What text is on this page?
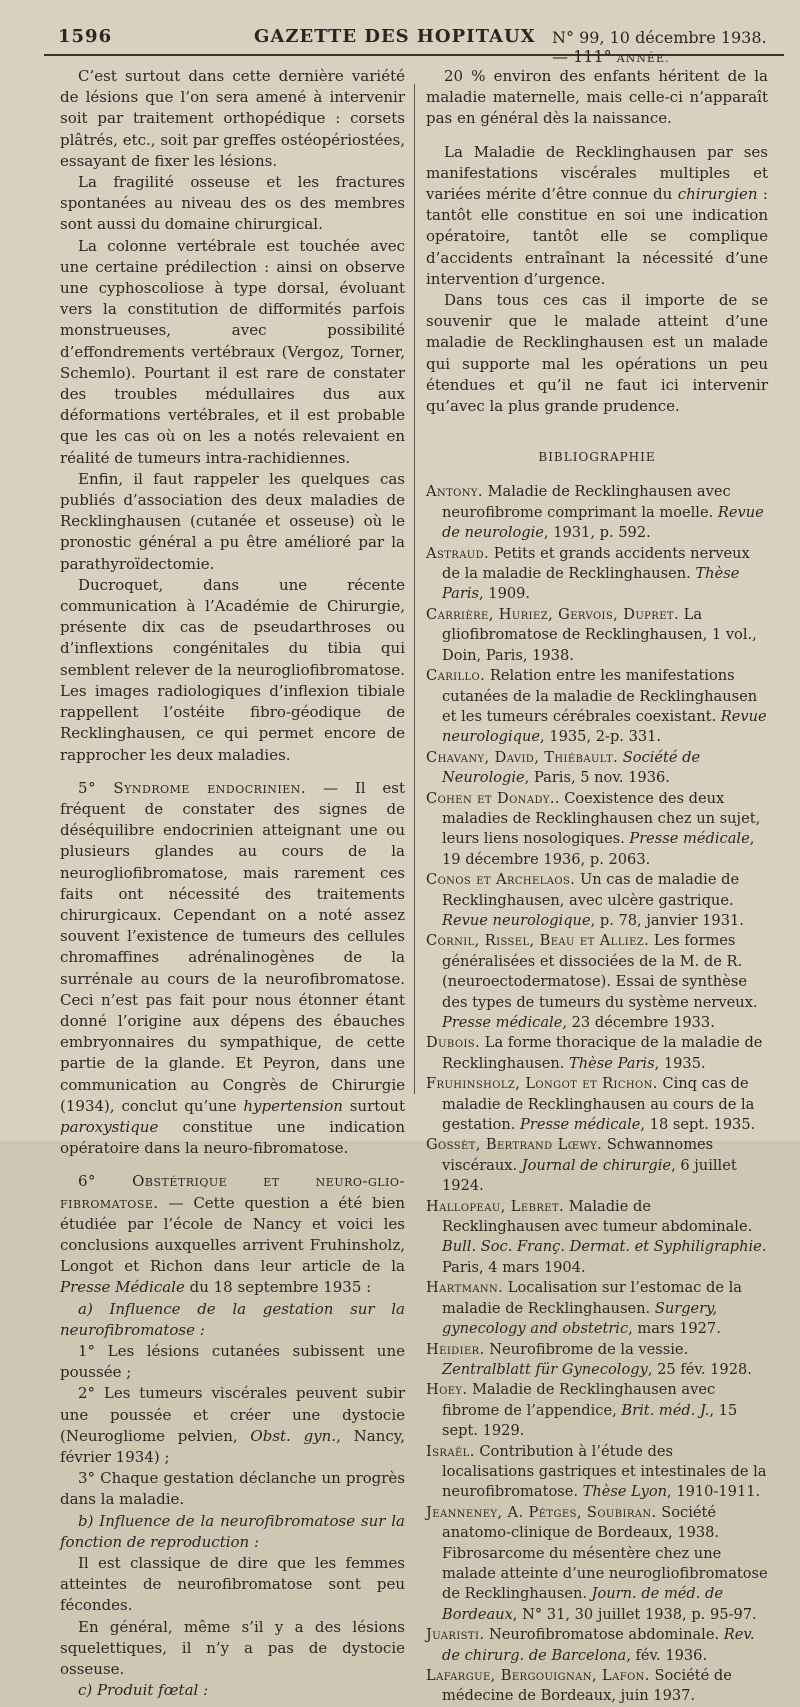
1596	GAZETTE DES HOPITAUX N° 99, 10 décembre 1938. — 111° ANNÉE.

C’est surtout dans cette dernière variété de lésions que l’on sera amené à intervenir soit par traitement orthopédique : corsets plâtrés, etc., soit par greffes ostéopériostées, essayant de fixer les lésions.

La fragilité osseuse et les fractures spontanées au niveau des os des membres sont aussi du domaine chirurgical.

La colonne vertébrale est touchée avec une certaine prédilection : ainsi on observe une cyphoscoliose à type dorsal, évoluant vers la constitution de difformités parfois monstrueuses, avec possibilité d’effondrements vertébraux (Vergoz, Torner, Schemlo). Pourtant il est rare de constater des troubles médullaires dus aux déformations vertébrales, et il est probable que les cas où on les a notés relevaient en réalité de tumeurs intra-rachidiennes.

Enfin, il faut rappeler les quelques cas publiés d’association des deux maladies de Recklinghausen (cutanée et osseuse) où le pronostic général a pu être amélioré par la parathyroïdectomie.

Ducroquet, dans une récente communication à l’Académie de Chirurgie, présente dix cas de pseudarthroses ou d’inflextions congénitales du tibia qui semblent relever de la neurogliofibromatose. Les images radiologiques d’inflexion tibiale rappellent l’ostéite fibro-géodique de Recklinghausen, ce qui permet encore de rapprocher les deux maladies.

5° Syndrome endocrinien. — Il est fréquent de constater des signes de déséquilibre endocrinien atteignant une ou plusieurs glandes au cours de la neurogliofibromatose, mais rarement ces faits ont nécessité des traitements chirurgicaux. Cependant on a noté assez souvent l’existence de tumeurs des cellules chromaffines adrénalinogènes de la surrénale au cours de la neurofibromatose. Ceci n’est pas fait pour nous étonner étant donné l’origine aux dépens des ébauches embryonnaires du sympathique, de cette partie de la glande. Et Peyron, dans une communication au Congrès de Chirurgie (1934), conclut qu’une hypertension surtout paroxystique constitue une indication opératoire dans la neuro-fibromatose.

6° Obstétrique et neuro-glio-fibromatose. — Cette question a été bien étudiée par l’école de Nancy et voici les conclusions auxquelles arrivent Fruhinsholz, Longot et Richon dans leur article de la Presse Médicale du 18 septembre 1935 :

a) Influence de la gestation sur la neurofibromatose :

1° Les lésions cutanées subissent une poussée ;

2° Les tumeurs viscérales peuvent subir une poussée et créer une dystocie (Neurogliome pelvien, Obst. gyn., Nancy, février 1934) ;

3° Chaque gestation déclanche un progrès dans la maladie.

b) Influence de la neurofibromatose sur la fonction de reproduction :

Il est classique de dire que les femmes atteintes de neurofibromatose sont peu fécondes.

En général, même s’il y a des lésions squelettiques, il n’y a pas de dystocie osseuse.

c) Produit fœtal :

20 % environ des enfants héritent de la maladie maternelle, mais celle-ci n’apparaît pas en général dès la naissance.

La Maladie de Recklinghausen par ses manifestations viscérales multiples et variées mérite d’être connue du chirurgien : tantôt elle constitue en soi une indication opératoire, tantôt elle se complique d’accidents entraînant la nécessité d’une intervention d’urgence.

Dans tous ces cas il importe de se souvenir que le malade atteint d’une maladie de Recklinghausen est un malade qui supporte mal les opérations un peu étendues et qu’il ne faut ici intervenir qu’avec la plus grande prudence.

BIBLIOGRAPHIE
Antony. Maladie de Recklinghausen avec neurofibrome comprimant la moelle. Revue de neurologie, 1931, p. 592.
Astraud. Petits et grands accidents nerveux de la maladie de Recklinghausen. Thèse Paris, 1909.
Carrière, Huriez, Gervois, Dupret. La gliofibromatose de Recklinghausen, 1 vol., Doin, Paris, 1938.
Carillo. Relation entre les manifestations cutanées de la maladie de Recklinghausen et les tumeurs cérébrales coexistant. Revue neurologique, 1935, 2-p. 331.
Chavany, David, Thiébault. Société de Neurologie, Paris, 5 nov. 1936.
Cohen et Donady.. Coexistence des deux maladies de Recklinghausen chez un sujet, leurs liens nosologiques. Presse médicale, 19 décembre 1936, p. 2063.
Conos et Archelaos. Un cas de maladie de Recklinghausen, avec ulcère gastrique. Revue neurologique, p. 78, janvier 1931.
Cornil, Rissel, Beau et Alliez. Les formes généralisées et dissociées de la M. de R. (neuroectodermatose). Essai de synthèse des types de tumeurs du système nerveux. Presse médicale, 23 décembre 1933.
Dubois. La forme thoracique de la maladie de Recklinghausen. Thèse Paris, 1935.
Fruhinsholz, Longot et Richon. Cinq cas de maladie de Recklinghausen au cours de la gestation. Presse médicale, 18 sept. 1935.
Gossèt, Bertrand Lœwy. Schwannomes viscéraux. Journal de chirurgie, 6 juillet 1924.
Hallopeau, Lebret. Maladie de Recklinghausen avec tumeur abdominale. Bull. Soc. Franç. Dermat. et Syphiligraphie. Paris, 4 mars 1904.
Hartmann. Localisation sur l’estomac de la maladie de Recklinghausen. Surgery, gynecology and obstetric, mars 1927.
Heidier. Neurofibrome de la vessie. Zentralblatt für Gynecology, 25 fév. 1928.
Hoey. Maladie de Recklinghausen avec fibrome de l’appendice, Brit. méd. J., 15 sept. 1929.
Israël. Contribution à l’étude des localisations gastriques et intestinales de la neurofibromatose. Thèse Lyon, 1910-1911.
Jeanneney, A. Pétges, Soubiran. Société anatomo-clinique de Bordeaux, 1938. Fibrosarcome du mésentère chez une malade atteinte d’une neurogliofibromatose de Recklinghausen. Journ. de méd. de Bordeaux, N° 31, 30 juillet 1938, p. 95-97.
Juaristi. Neurofibromatose abdominale. Rev. de chirurg. de Barcelona, fév. 1936.
Lafargue, Bergouignan, Lafon. Société de médecine de Bordeaux, juin 1937.
